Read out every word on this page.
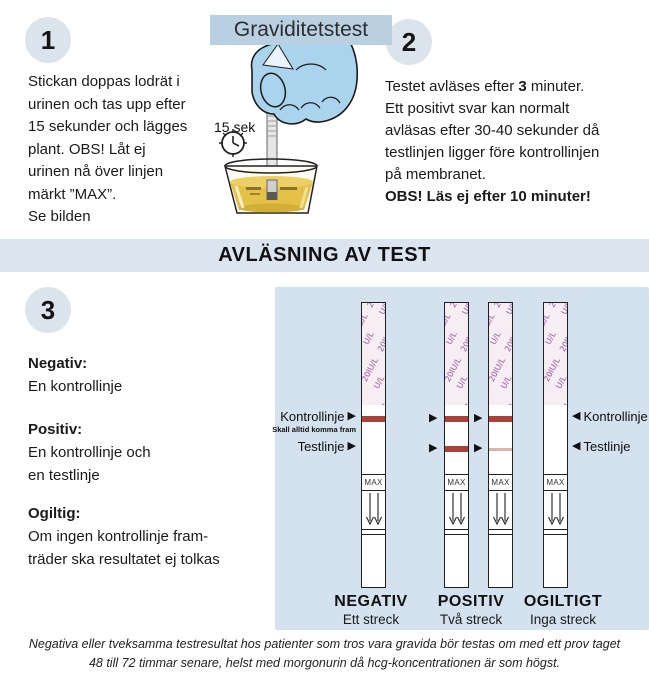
Graviditetstest
1
Stickan doppas lodrät i
urinen och tas upp efter
15 sekunder och lägges
plant. OBS! Låt ej
urinen nå över linjen
märkt ”MAX”.
Se bilden
15 sek
2
Testet avläses efter 3 minuter.
Ett positivt svar kan normalt
avläsas efter 30-40 sekunder då
testlinjen ligger före kontrollinjen
på membranet.
OBS! Läs ej efter 10 minuter!
AVLÄSNING AV TEST
3
Negativ:
En kontrollinje
Positiv:
En kontrollinje och
en testlinje
Ogiltig:
Om ingen kontrollinje fram-
träder ska resultatet ej tolkas
MAX	MAX	MAX	MAX
Kontrollinje ▶
Skall alltid komma fram
Testlinje ▶
▶
▶
▶
▶
◀ Kontrollinje
◀ Testlinje
NEGATIV
Ett streck
POSITIV
Två streck
OGILTIGT
Inga streck
Negativa eller tveksamma testresultat hos patienter som tros vara gravida bör testas om med ett prov taget
48 till 72 timmar senare, helst med morgonurin då hcg-koncentrationen är som högst.
